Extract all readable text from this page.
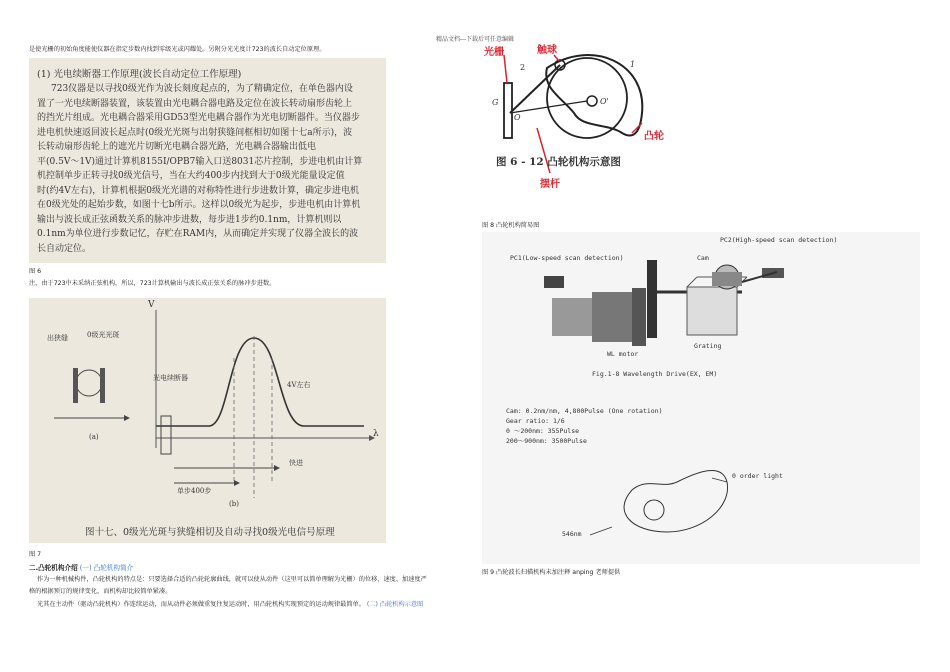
精品文档---下载后可任意编辑
是使光栅的初始角度能使仪器在指定步数内找到零级光或闪耀处。另附分光光度计723的波长自动定位原理。
(1) 光电续断器工作原理(波长自动定位工作原理)
723仪器是以寻找0级光作为波长刻度起点的，为了精确定位，在单色器内设
置了一光电续断器装置，该装置由光电耦合器电路及定位在波长转动扇形齿轮上
的挡光片组成。光电耦合器采用GD53型光电耦合器作为光电切断器件。当仪器步
进电机快速返回波长起点时(0级光光斑与出射狭缝间框相切如图十七a所示)，波
长转动扇形齿轮上的遮光片切断光电耦合器光路，光电耦合器输出低电
平(0.5V～1V)通过计算机8155I/OPB7输入口送8031芯片控制，步进电机由计算
机控制单步正转寻找0级光信号，当在大约400步内找到大于0级光能量设定值
时(约4V左右)，计算机根据0级光光谱的对称特性进行步进数计算，确定步进电机
在0级光处的起始步数，如图十七b所示。这样以0级光为起步，步进电机由计算机
输出与波长成正弦函数关系的脉冲步进数，每步进1步约0.1nm，计算机则以
0.1nm为单位进行步数记忆，存贮在RAM内，从而确定并实现了仪器全波长的波
长自动定位。
图 6
注，由于723中未采纳正弦机构，所以，723计算机输出与波长成正弦关系的脉冲步进数。
V
出狭缝	0级光光斑
光电续断器
4V左右
快进
单步400步
(a)
(b)
λ
图十七、0级光光斑与狭缝相切及自动寻找0级光电信号原理
图 7
二.凸轮机构介绍 (一) 凸轮机构简介
作为一种机械构件，凸轮机构的特点是：只要选择合适的凸轮轮廓曲线，就可以使从动件（这里可以简单理解为光栅）的位移、速度、加速度严
格的根据预订的规律变化，而机构却比较简单紧凑。
光其在主动件（驱动凸轮机构）作连续运动，而从动件必须做重复往复运动时，用凸轮机构实现预定的运动规律最简单。 (二) 凸轮机构示意图
光栅	触球
凸轮
摆杆
2	1
G
O
O'
图 6 - 12 凸轮机构示意图
图 8 凸轮机构简易图
PC2(High-speed scan detection)
PC1(Low-speed scan detection)	Cam
WL motor
Grating
Fig.1-8 Wavelength Drive(EX, EM)
Cam: 0.2nm/nm, 4,800Pulse (One rotation)
Gear ratio: 1/6
0 ～200nm: 355Pulse
200～900nm: 3500Pulse
0 order light
546nm
图 9 凸轮波长扫描机构未加注释 anping 老师提供
